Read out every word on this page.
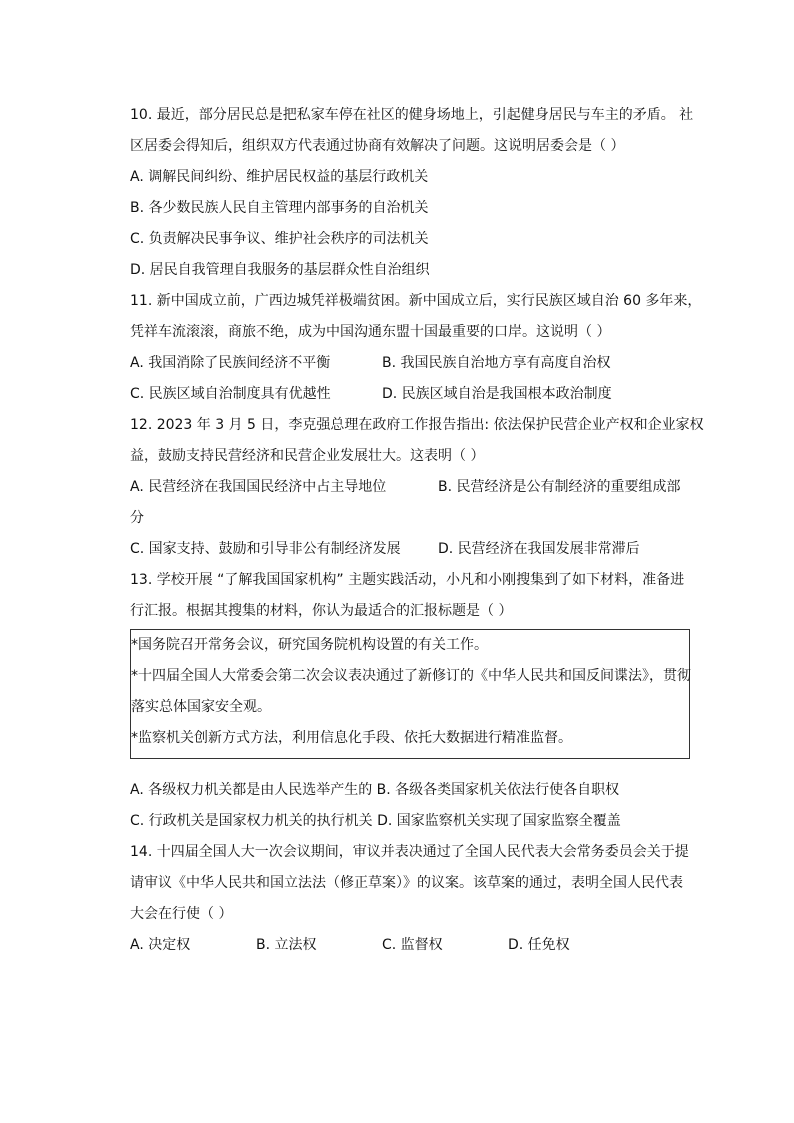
10. 最近，部分居民总是把私家车停在社区的健身场地上，引起健身居民与车主的矛盾。 社
区居委会得知后，组织双方代表通过协商有效解决了问题。这说明居委会是（ ）
A. 调解民间纠纷、维护居民权益的基层行政机关
B. 各少数民族人民自主管理内部事务的自治机关
C. 负责解决民事争议、维护社会秩序的司法机关
D. 居民自我管理自我服务的基层群众性自治组织
11. 新中国成立前，广西边城凭祥极端贫困。新中国成立后，实行民族区域自治 60 多年来，
凭祥车流滚滚，商旅不绝，成为中国沟通东盟十国最重要的口岸。这说明（ ）
A. 我国消除了民族间经济不平衡	B. 我国民族自治地方享有高度自治权
C. 民族区域自治制度具有优越性	D. 民族区域自治是我国根本政治制度
12. 2023 年 3 月 5 日，李克强总理在政府工作报告指出: 依法保护民营企业产权和企业家权
益，鼓励支持民营经济和民营企业发展壮大。这表明（ ）
A. 民营经济在我国国民经济中占主导地位	B. 民营经济是公有制经济的重要组成部
分
C. 国家支持、鼓励和引导非公有制经济发展	D. 民营经济在我国发展非常滞后
13. 学校开展 “了解我国国家机构” 主题实践活动，小凡和小刚搜集到了如下材料，准备进
行汇报。根据其搜集的材料，你认为最适合的汇报标题是（ ）
*国务院召开常务会议，研究国务院机构设置的有关工作。
*十四届全国人大常委会第二次会议表决通过了新修订的《中华人民共和国反间谍法》，贯彻
落实总体国家安全观。
*监察机关创新方式方法，利用信息化手段、依托大数据进行精准监督。
A. 各级权力机关都是由人民选举产生的 B. 各级各类国家机关依法行使各自职权
C. 行政机关是国家权力机关的执行机关 D. 国家监察机关实现了国家监察全覆盖
14. 十四届全国人大一次会议期间，审议并表决通过了全国人民代表大会常务委员会关于提
请审议《中华人民共和国立法法（修正草案）》的议案。该草案的通过，表明全国人民代表
大会在行使（ ）
A. 决定权	B. 立法权	C. 监督权	D. 任免权
